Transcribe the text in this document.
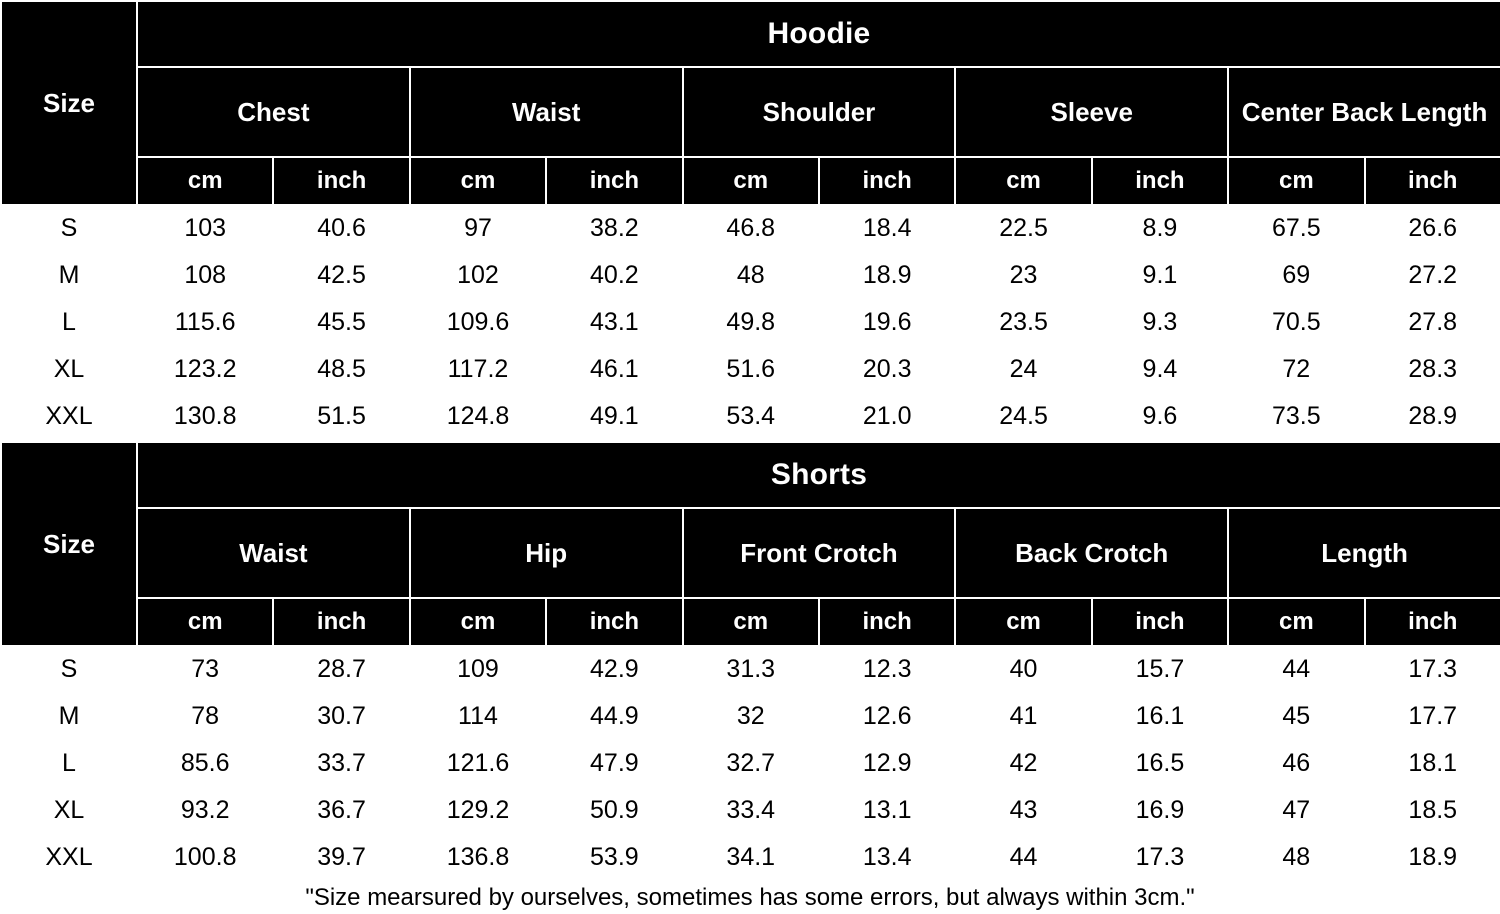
Size	Hoodie									
	Chest		Waist		Shoulder		Sleeve		Center Back Length	
	cm	inch	cm	inch	cm	inch	cm	inch	cm	inch
S	103	40.6	97	38.2	46.8	18.4	22.5	8.9	67.5	26.6
M	108	42.5	102	40.2	48	18.9	23	9.1	69	27.2
L	115.6	45.5	109.6	43.1	49.8	19.6	23.5	9.3	70.5	27.8
XL	123.2	48.5	117.2	46.1	51.6	20.3	24	9.4	72	28.3
XXL	130.8	51.5	124.8	49.1	53.4	21.0	24.5	9.6	73.5	28.9
Size	Shorts									
	Waist		Hip		Front Crotch		Back Crotch		Length	
	cm	inch	cm	inch	cm	inch	cm	inch	cm	inch
S	73	28.7	109	42.9	31.3	12.3	40	15.7	44	17.3
M	78	30.7	114	44.9	32	12.6	41	16.1	45	17.7
L	85.6	33.7	121.6	47.9	32.7	12.9	42	16.5	46	18.1
XL	93.2	36.7	129.2	50.9	33.4	13.1	43	16.9	47	18.5
XXL	100.8	39.7	136.8	53.9	34.1	13.4	44	17.3	48	18.9
"Size mearsured by ourselves, sometimes has some errors, but always within 3cm."
